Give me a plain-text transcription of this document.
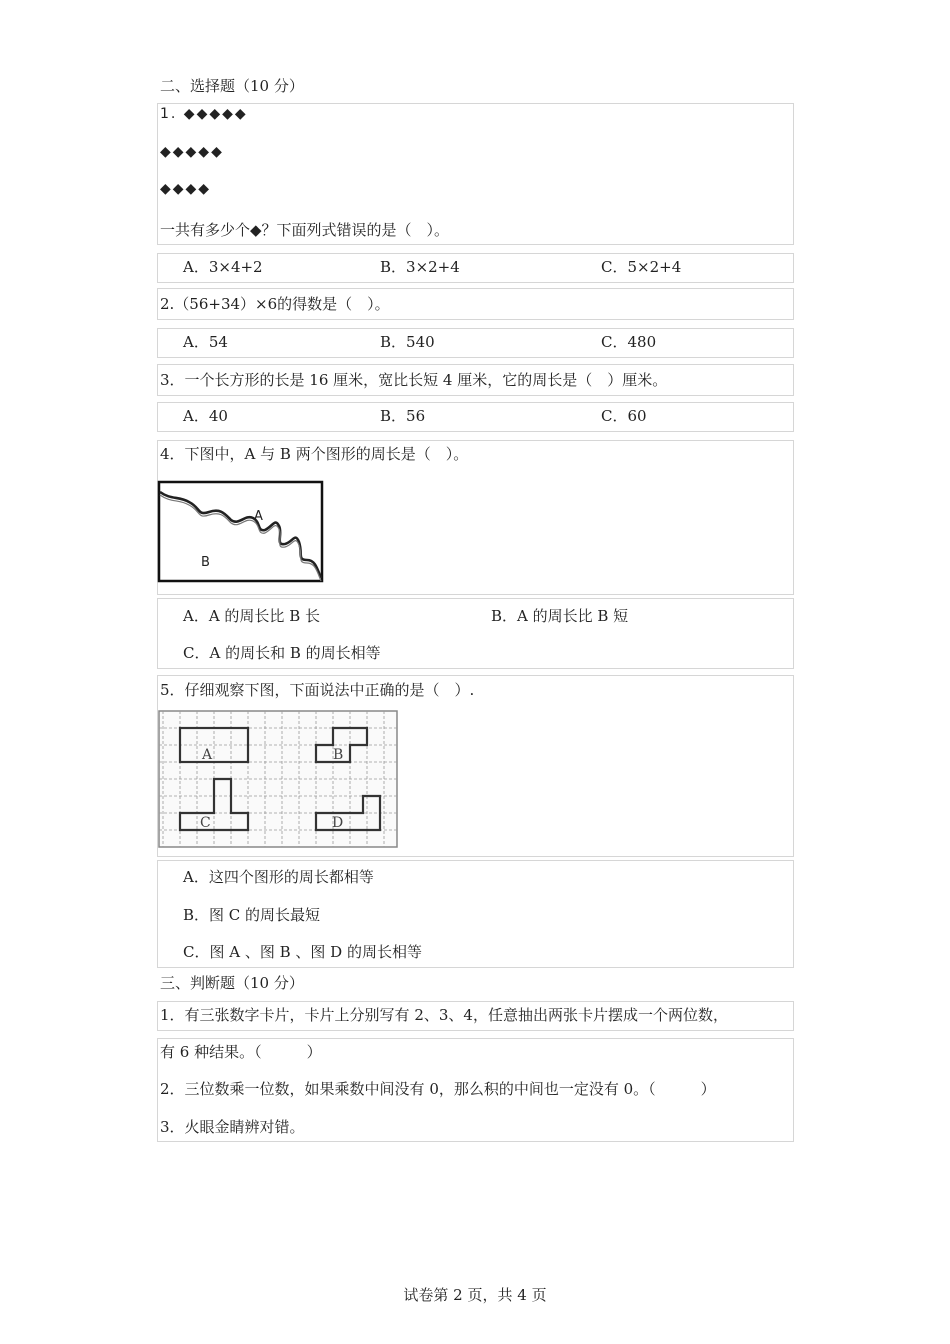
二、选择题（10 分）
1. ◆◆◆◆◆
◆◆◆◆◆
◆◆◆◆
一共有多少个◆？下面列式错误的是（　）。
A．3×4+2	B．3×2+4	C．5×2+4
2.（56+34）×6的得数是（　）。
A．54	B．540	C．480
3．一个长方形的长是 16 厘米，宽比长短 4 厘米，它的周长是（　）厘米。
A．40	B．56	C．60
4．下图中，A 与 B 两个图形的周长是（　）。
A
B
A．A 的周长比 B 长	B．A 的周长比 B 短
C．A 的周长和 B 的周长相等
5．仔细观察下图，下面说法中正确的是（　）.
A	B
C	D
A．这四个图形的周长都相等
B．图 C 的周长最短
C．图 A 、图 B 、图 D 的周长相等
三、判断题（10 分）
1．有三张数字卡片，卡片上分别写有 2、3、4，任意抽出两张卡片摆成一个两位数，
有 6 种结果。（　　　）
2．三位数乘一位数，如果乘数中间没有 0，那么积的中间也一定没有 0。（　　　）
3．火眼金睛辨对错。
试卷第 2 页，共 4 页
